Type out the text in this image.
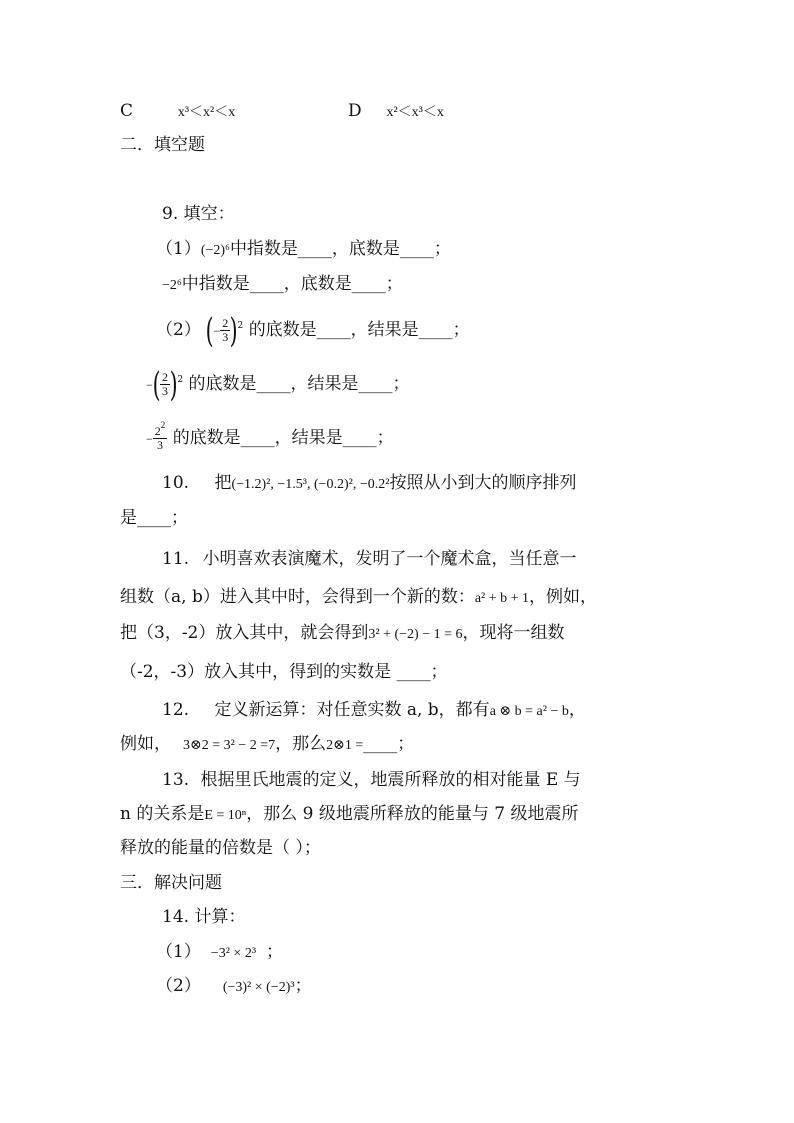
C	x³＜x²＜x	D x²＜x³＜x
二．填空题
9. 填空：
（1）(−2)⁶中指数是____，底数是____；
−2⁶中指数是____，底数是____；
（2） (− $\frac{2}{3} )^2$ 的底数是____，结果是____；
−( $\frac{2}{3} )^2$ 的底数是____，结果是____；
− $\frac{2^2}{3}$ 的底数是____，结果是____；
10. 把(−1.2)², −1.5³, (−0.2)², −0.2²按照从小到大的顺序排列
是____；
11. 小明喜欢表演魔术，发明了一个魔术盒，当任意一
组数（a, b）进入其中时，会得到一个新的数：a² + b + 1，例如，
把（3，-2）放入其中，就会得到3² + (−2) − 1 = 6，现将一组数
（-2，-3）放入其中，得到的实数是 ____；
12. 定义新运算：对任意实数 a, b，都有a ⊗ b = a² − b，
例如， 3⊗2 = 3² − 2 =7，那么2⊗1 =____；
13. 根据里氏地震的定义，地震所释放的相对能量 E 与
n 的关系是E = 10ⁿ，那么 9 级地震所释放的能量与 7 级地震所
释放的能量的倍数是（ ）；
三．解决问题
14. 计算：
（1） −3² × 2³ ；
（2） (−3)² × (−2)³；
